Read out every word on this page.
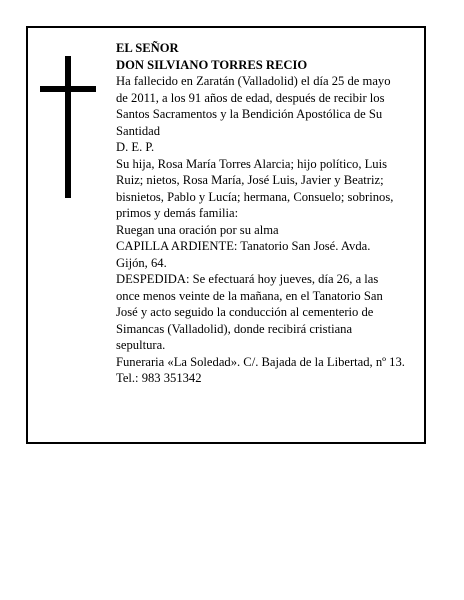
EL SEÑOR
DON SILVIANO TORRES RECIO
Ha fallecido en Zaratán (Valladolid) el día 25 de mayo
de 2011, a los 91 años de edad, después de recibir los
Santos Sacramentos y la Bendición Apostólica de Su
Santidad
D. E. P.
Su hija, Rosa María Torres Alarcia; hijo político, Luis
Ruiz; nietos, Rosa María, José Luis, Javier y Beatriz;
bisnietos, Pablo y Lucía; hermana, Consuelo; sobrinos,
primos y demás familia:
Ruegan una oración por su alma
CAPILLA ARDIENTE: Tanatorio San José. Avda.
Gijón, 64.
DESPEDIDA: Se efectuará hoy jueves, día 26, a las
once menos veinte de la mañana, en el Tanatorio San
José y acto seguido la conducción al cementerio de
Simancas (Valladolid), donde recibirá cristiana
sepultura.
Funeraria «La Soledad». C/. Bajada de la Libertad, nº 13.
Tel.: 983 351342
